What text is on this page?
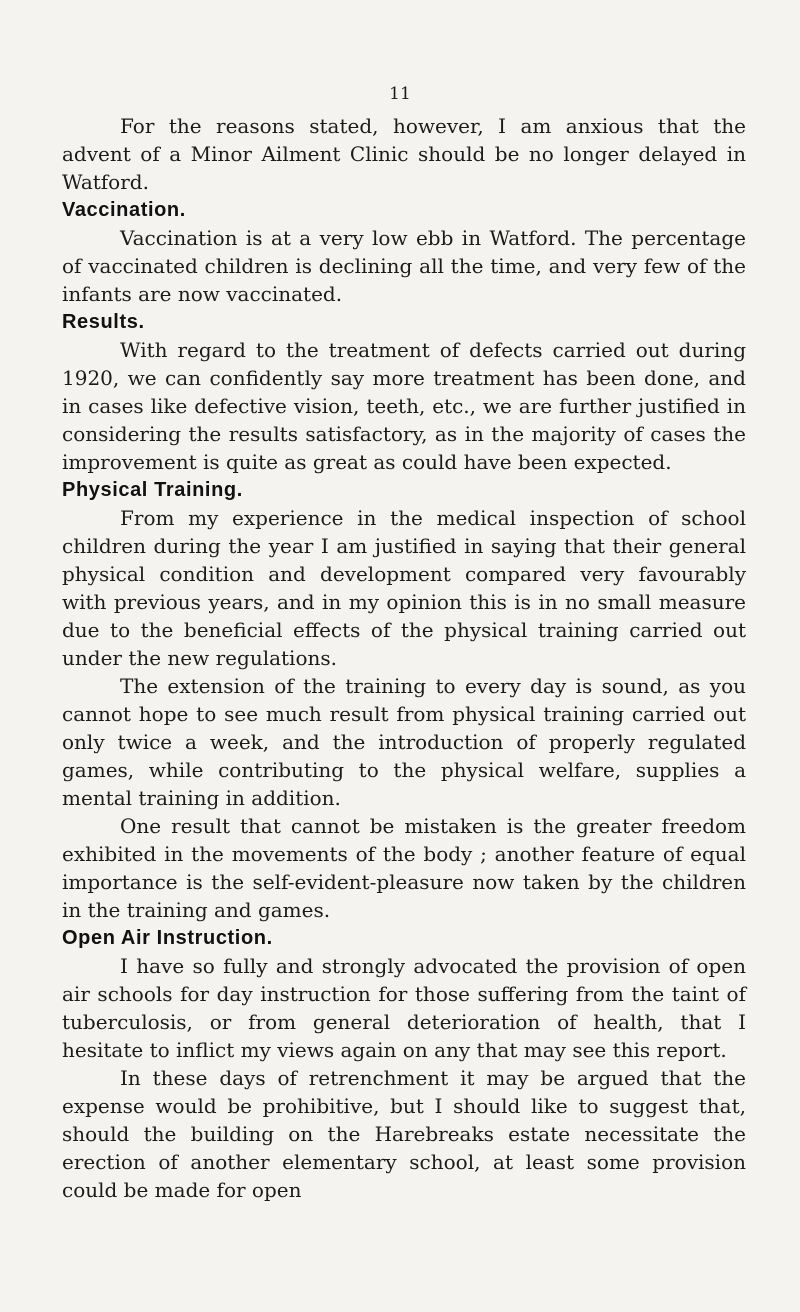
11

For the reasons stated, however, I am anxious that the advent of a Minor Ailment Clinic should be no longer delayed in Watford.

Vaccination.

Vaccination is at a very low ebb in Watford. The percentage of vaccinated children is declining all the time, and very few of the infants are now vaccinated.

Results.

With regard to the treatment of defects carried out during 1920, we can confidently say more treatment has been done, and in cases like defective vision, teeth, etc., we are further justified in considering the results satisfactory, as in the majority of cases the improvement is quite as great as could have been expected.

Physical Training.

From my experience in the medical inspection of school children during the year I am justified in saying that their general physical condition and development compared very favourably with previous years, and in my opinion this is in no small measure due to the beneficial effects of the physical training carried out under the new regulations.

The extension of the training to every day is sound, as you cannot hope to see much result from physical training carried out only twice a week, and the introduction of properly regulated games, while contributing to the physical welfare, supplies a mental training in addition.

One result that cannot be mistaken is the greater freedom exhibited in the movements of the body ; another feature of equal importance is the self-evident-pleasure now taken by the children in the training and games.

Open Air Instruction.

I have so fully and strongly advocated the provision of open air schools for day instruction for those suffering from the taint of tuberculosis, or from general deterioration of health, that I hesitate to inflict my views again on any that may see this report.

In these days of retrenchment it may be argued that the expense would be prohibitive, but I should like to suggest that, should the building on the Harebreaks estate necessitate the erection of another elementary school, at least some provision could be made for open
